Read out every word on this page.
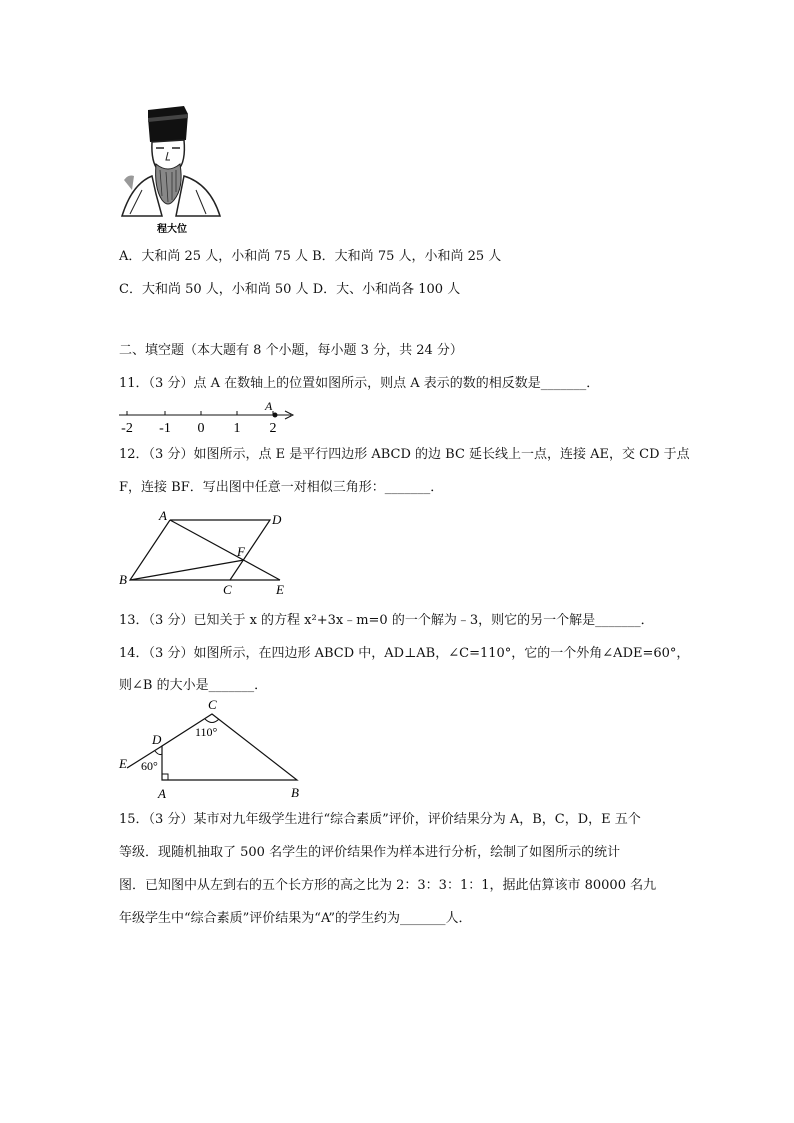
程大位
A．大和尚 25 人，小和尚 75 人 B．大和尚 75 人，小和尚 25 人
C．大和尚 50 人，小和尚 50 人 D．大、小和尚各 100 人
二、填空题（本大题有 8 个小题，每小题 3 分，共 24 分）
11．（3 分）点 A 在数轴上的位置如图所示，则点 A 表示的数的相反数是_______．
A
-2 -1 0 1 2
12．（3 分）如图所示，点 E 是平行四边形 ABCD 的边 BC 延长线上一点，连接 AE，交 CD 于点
F，连接 BF．写出图中任意一对相似三角形：_______．
A	D
F
B
C	E
13．（3 分）已知关于 x 的方程 x²+3x﹣m=0 的一个解为﹣3，则它的另一个解是_______．
14．（3 分）如图所示，在四边形 ABCD 中，AD⊥AB，∠C=110°，它的一个外角∠ADE=60°，
则∠B 的大小是_______．
C
110°
D
60°
E
A	B
15．（3 分）某市对九年级学生进行“综合素质”评价，评价结果分为 A，B，C，D，E 五个
等级．现随机抽取了 500 名学生的评价结果作为样本进行分析，绘制了如图所示的统计
图．已知图中从左到右的五个长方形的高之比为 2：3：3：1：1，据此估算该市 80000 名九
年级学生中“综合素质”评价结果为“A”的学生约为_______人．
